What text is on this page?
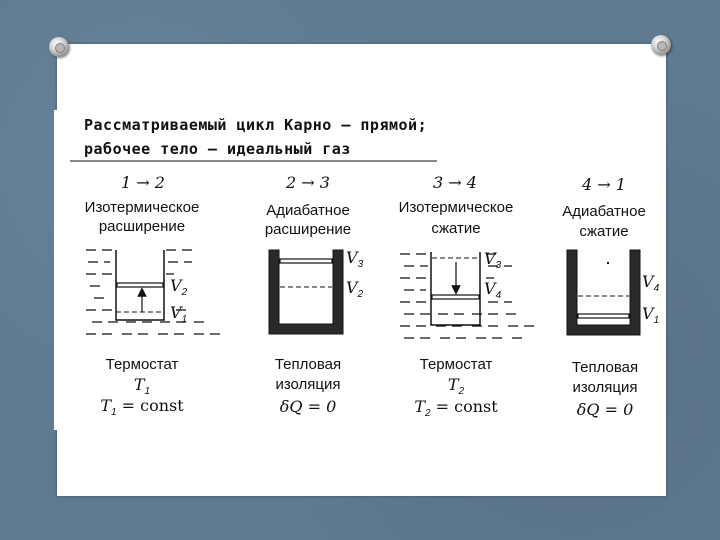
Рассматриваемый цикл Карно — прямой;
рабочее тело — идеальный газ
1 → 2
Изотермическое
расширение
$V_2$
$V_1$
Термостат
$T_1$
$T_1$ = const
2 → 3
Адиабатное
расширение
$V_3$
$V_2$
Тепловая
изоляция
δQ = 0
3 → 4
Изотермическое
сжатие
$V_3$
$V_4$
Термостат
$T_2$
$T_2$ = const
4 → 1
Адиабатное
сжатие
$V_4$
$V_1$
Тепловая
изоляция
δQ = 0
